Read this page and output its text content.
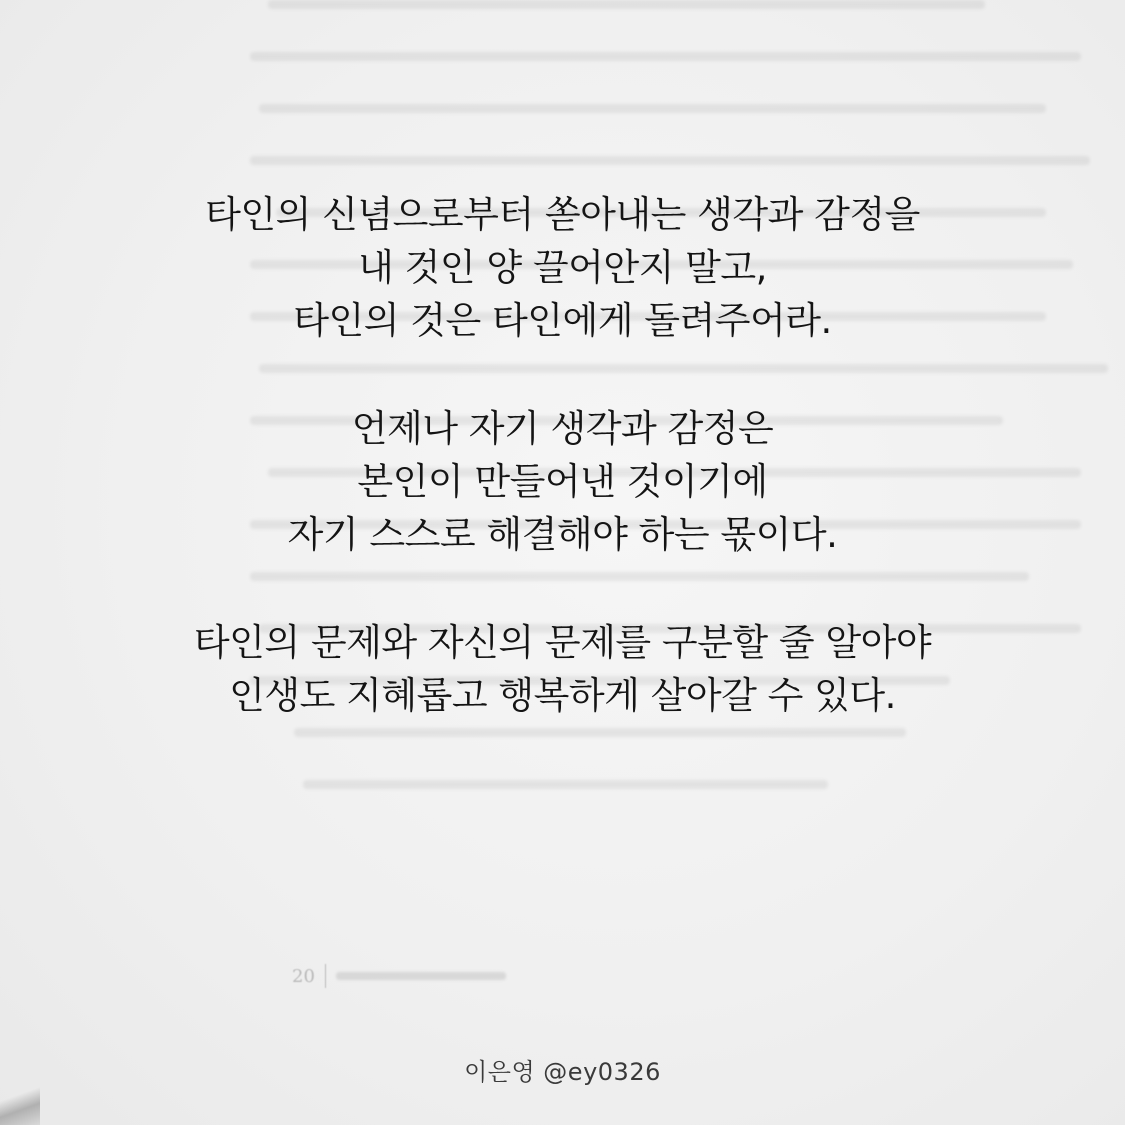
타인의 신념으로부터 쏟아내는 생각과 감정을
내 것인 양 끌어안지 말고,
타인의 것은 타인에게 돌려주어라.
언제나 자기 생각과 감정은
본인이 만들어낸 것이기에
자기 스스로 해결해야 하는 몫이다.
타인의 문제와 자신의 문제를 구분할 줄 알아야
인생도 지혜롭고 행복하게 살아갈 수 있다.
20
이은영 @ey0326
